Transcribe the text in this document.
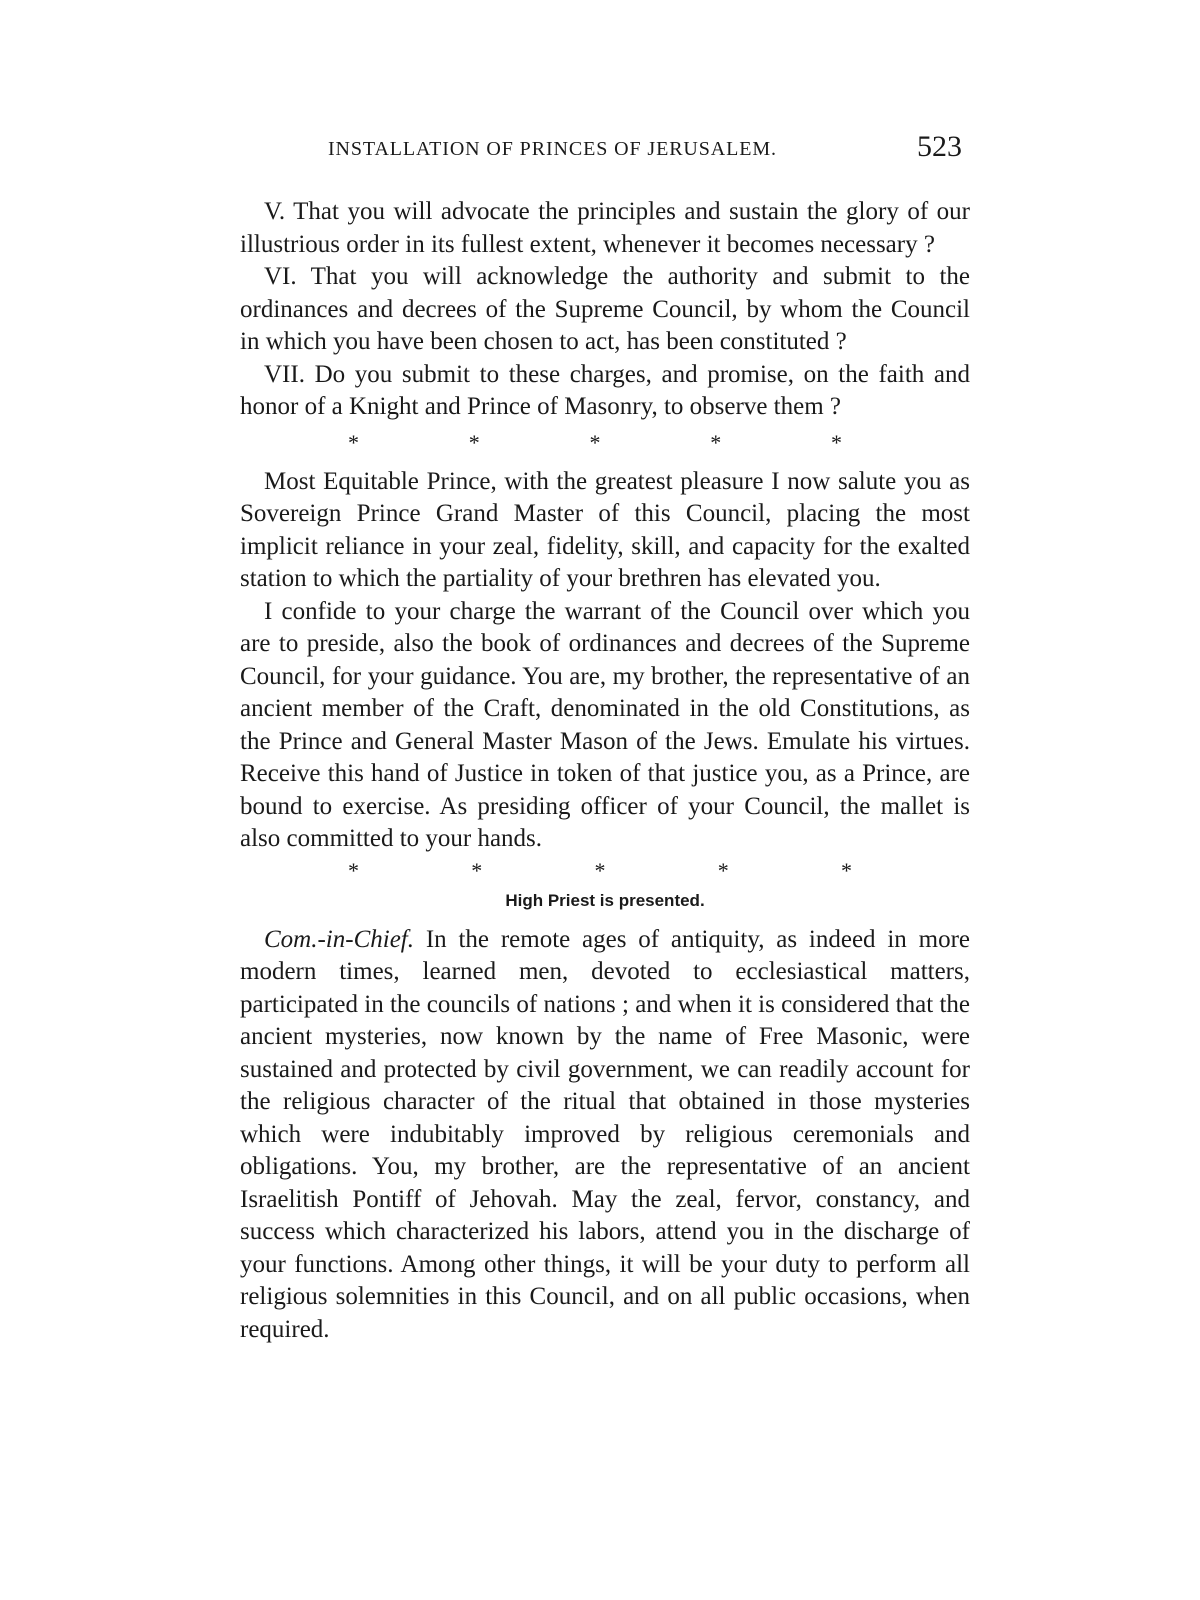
INSTALLATION OF PRINCES OF JERUSALEM.	523

V. That you will advocate the principles and sustain the glory of our illustrious order in its fullest extent, whenever it becomes necessary ?

VI. That you will acknowledge the authority and submit to the ordinances and decrees of the Supreme Council, by whom the Council in which you have been chosen to act, has been constituted ?

VII. Do you submit to these charges, and promise, on the faith and honor of a Knight and Prince of Masonry, to observe them ?

*	*	*	*	*

Most Equitable Prince, with the greatest pleasure I now salute you as Sovereign Prince Grand Master of this Council, placing the most implicit reliance in your zeal, fidelity, skill, and capacity for the exalted station to which the partiality of your brethren has elevated you.

I confide to your charge the warrant of the Council over which you are to preside, also the book of ordinances and decrees of the Supreme Council, for your guidance. You are, my brother, the representative of an ancient member of the Craft, denominated in the old Constitutions, as the Prince and General Master Mason of the Jews. Emulate his virtues. Receive this hand of Justice in token of that justice you, as a Prince, are bound to exercise. As presiding officer of your Council, the mallet is also committed to your hands.

*	*	*	*	*
High Priest is presented.

Com.-in-Chief. In the remote ages of antiquity, as indeed in more modern times, learned men, devoted to ecclesiastical matters, participated in the councils of nations ; and when it is considered that the ancient mysteries, now known by the name of Free Masonic, were sustained and protected by civil government, we can readily account for the religious character of the ritual that obtained in those mysteries which were indubitably improved by religious ceremonials and obligations. You, my brother, are the representative of an ancient Israelitish Pontiff of Jehovah. May the zeal, fervor, constancy, and success which characterized his labors, attend you in the discharge of your functions. Among other things, it will be your duty to perform all religious solemnities in this Council, and on all public occasions, when required.
